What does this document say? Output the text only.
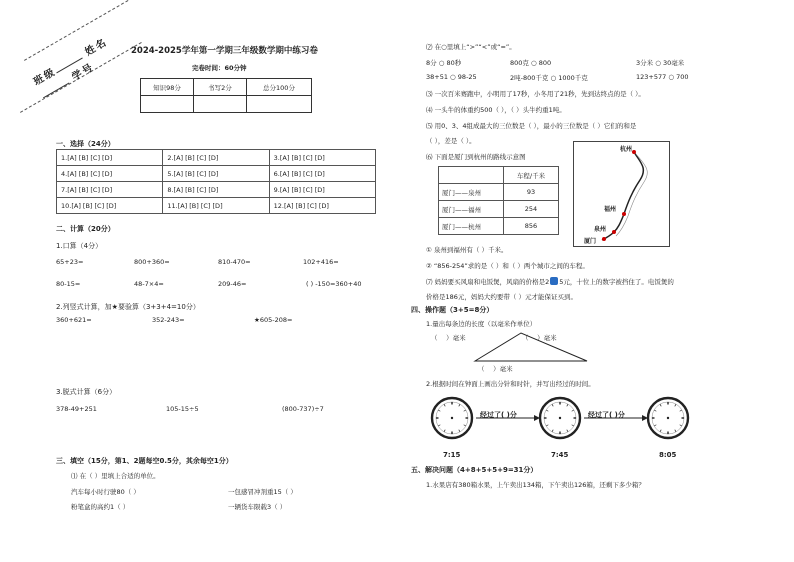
班级 姓名 学号
2024-2025学年第一学期三年级数学期中练习卷
完卷时间：60分钟
知识98分	书写2分	总分100分

一、选择（24分）
1.[A] [B] [C] [D]	2.[A] [B] [C] [D]	3.[A] [B] [C] [D]
4.[A] [B] [C] [D]	5.[A] [B] [C] [D]	6.[A] [B] [C] [D]
7.[A] [B] [C] [D]	8.[A] [B] [C] [D]	9.[A] [B] [C] [D]
10.[A] [B] [C] [D]	11.[A] [B] [C] [D]	12.[A] [B] [C] [D]
二、计算（20分）
1.口算（4分）
65+23=	800+360=	810-470=	102+416=
80-15=	48-7×4=	209-46=	( ) -150=360+40
2.列竖式计算，加★要验算（3+3+4=10分）
360+621=	352-243=	★605-208=
3.脱式计算（6分）
378-49+251	105-15÷5	(800-737)÷7
三、填空（15分，第1、2题每空0.5分，其余每空1分）
⑴ 在（ ）里填上合适的单位。
汽车每小时行驶80（ ）	一包感冒冲剂重15（ ）
粉笔盒的高约1（ ）	一辆货车限载3（ ）
⑵ 在○里填上“>”“<”或“=”。
8分 ○ 80秒	800克 ○ 800	3分米 ○ 30毫米
38+51 ○ 98-25	2吨-800千克 ○ 1000千克	123+577 ○ 700
⑶ 一次百米赛跑中，小明用了17秒，小冬用了21秒，先到达终点的是（ ）。
⑷ 一头牛的体重约500（ ），（ ）头牛约重1吨。
⑸ 用0、3、4组成最大的三位数是（ ），最小的三位数是（ ）它们的和是
（ ），差是（ ）。
⑹ 下面是厦门到杭州的路线示意图
	车程/千米
厦门——泉州	93
厦门——福州	254
厦门——杭州	856
杭州
福州
泉州
厦门
① 泉州到福州有（ ）千米。
② “856-254”求的是（ ）和（ ）两个城市之间的车程。
⑺ 妈妈要买风扇和电饭煲，风扇的价格是2 5元，十位上的数字被挡住了。电饭煲的
价格是186元，妈妈大约要带（ ）元才能保证买到。
四、操作题（3+5=8分）
1.量出每条边的长度（以毫米作单位）
（　 ）毫米	（　 ）毫米
（　 ）毫米
2.根据时间在钟面上画出分针和时针，并写出经过的时间。
经过了( )分	经过了( )分
7:15	7:45	8:05
五、解决问题（4+8+5+5+9=31分）
1.水果店有380箱水果，上午卖出134箱，下午卖出126箱，还剩下多少箱？
